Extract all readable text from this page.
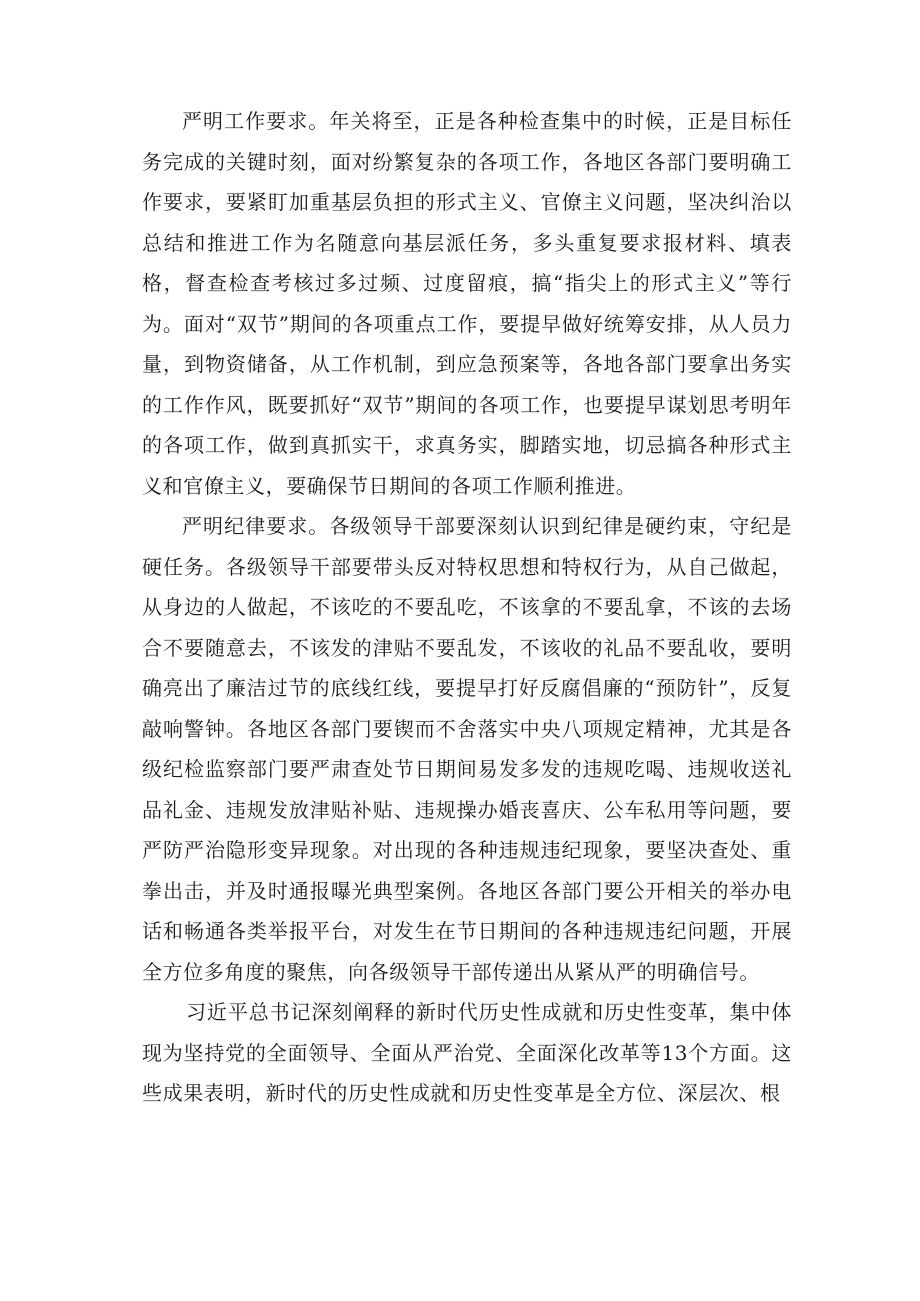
严明工作要求。年关将至，正是各种检查集中的时候，正是目标任务完成的关键时刻，面对纷繁复杂的各项工作，各地区各部门要明确工作要求，要紧盯加重基层负担的形式主义、官僚主义问题，坚决纠治以总结和推进工作为名随意向基层派任务，多头重复要求报材料、填表格，督查检查考核过多过频、过度留痕，搞“指尖上的形式主义”等行为。面对“双节”期间的各项重点工作，要提早做好统筹安排，从人员力量，到物资储备，从工作机制，到应急预案等，各地各部门要拿出务实的工作作风，既要抓好“双节”期间的各项工作，也要提早谋划思考明年的各项工作，做到真抓实干，求真务实，脚踏实地，切忌搞各种形式主义和官僚主义，要确保节日期间的各项工作顺利推进。

严明纪律要求。各级领导干部要深刻认识到纪律是硬约束，守纪是硬任务。各级领导干部要带头反对特权思想和特权行为，从自己做起，从身边的人做起，不该吃的不要乱吃，不该拿的不要乱拿，不该的去场合不要随意去，不该发的津贴不要乱发，不该收的礼品不要乱收，要明确亮出了廉洁过节的底线红线，要提早打好反腐倡廉的“预防针”，反复敲响警钟。各地区各部门要锲而不舍落实中央八项规定精神，尤其是各级纪检监察部门要严肃查处节日期间易发多发的违规吃喝、违规收送礼品礼金、违规发放津贴补贴、违规操办婚丧喜庆、公车私用等问题，要严防严治隐形变异现象。对出现的各种违规违纪现象，要坚决查处、重拳出击，并及时通报曝光典型案例。各地区各部门要公开相关的举办电话和畅通各类举报平台，对发生在节日期间的各种违规违纪问题，开展全方位多角度的聚焦，向各级领导干部传递出从紧从严的明确信号。

习近平总书记深刻阐释的新时代历史性成就和历史性变革，集中体现为坚持党的全面领导、全面从严治党、全面深化改革等13个方面。这些成果表明，新时代的历史性成就和历史性变革是全方位、深层次、根
